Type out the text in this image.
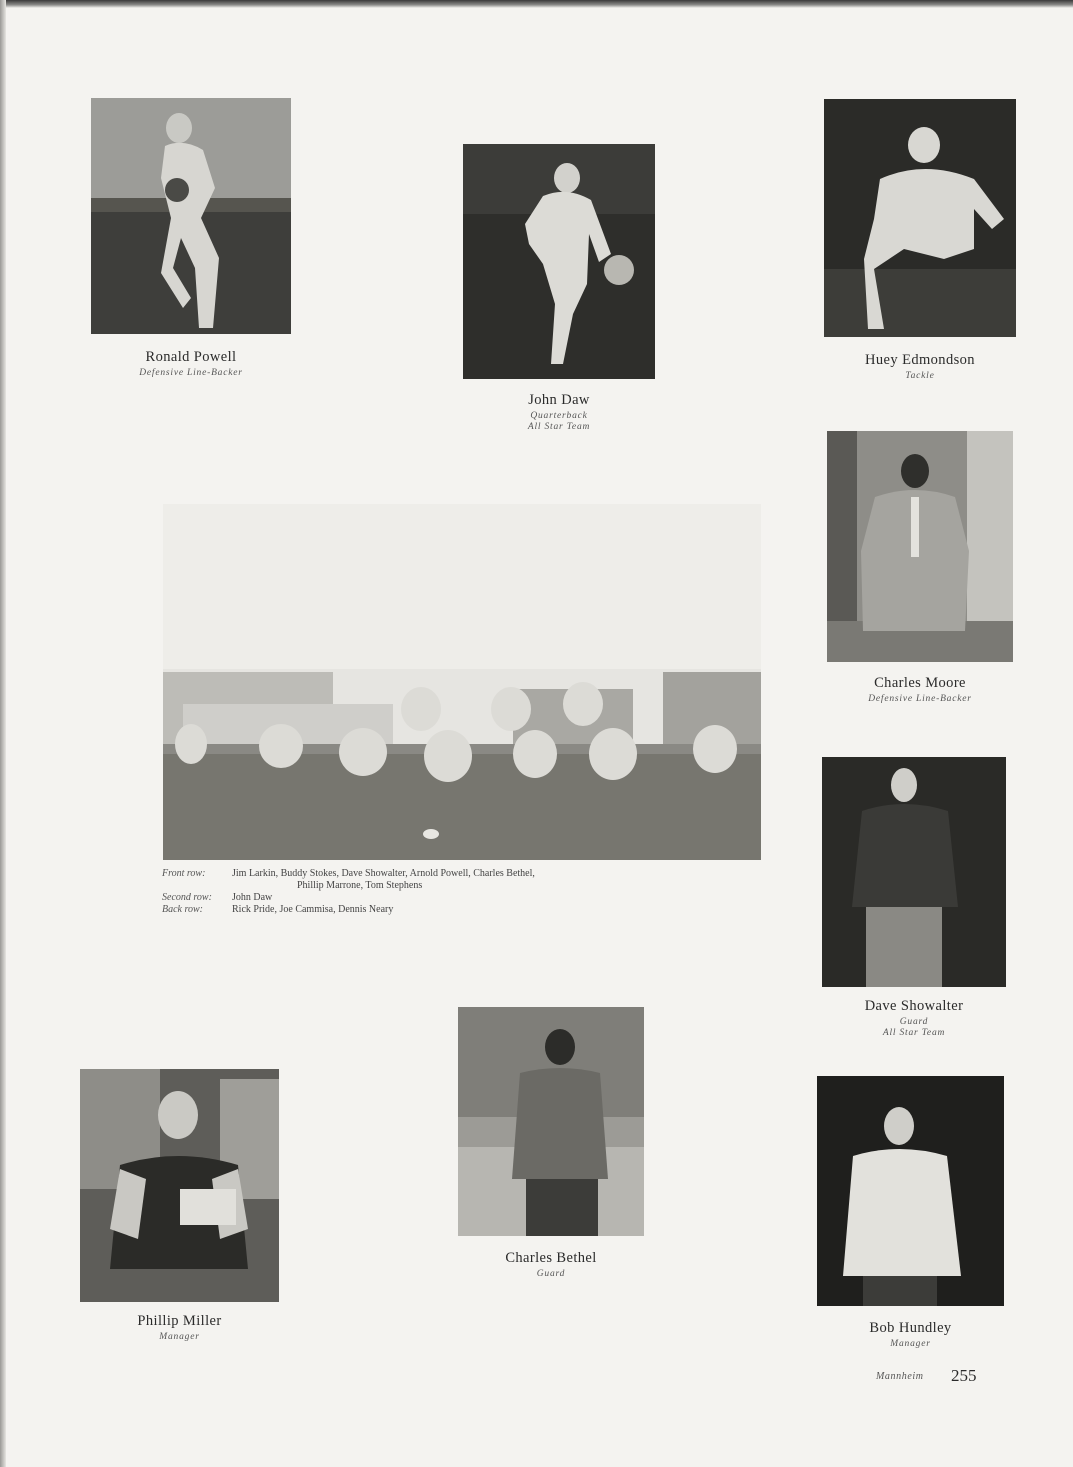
Ronald Powell
Defensive Line-Backer
John Daw
Quarterback
All Star Team
Huey Edmondson
Tackle
Charles Moore
Defensive Line-Backer
Front row:	Jim Larkin, Buddy Stokes, Dave Showalter, Arnold Powell, Charles Bethel,
Phillip Marrone, Tom Stephens
Second row:	John Daw
Back row:	Rick Pride, Joe Cammisa, Dennis Neary
Dave Showalter
Guard
All Star Team
Charles Bethel
Guard
Phillip Miller
Manager
Bob Hundley
Manager
Mannheim 255
